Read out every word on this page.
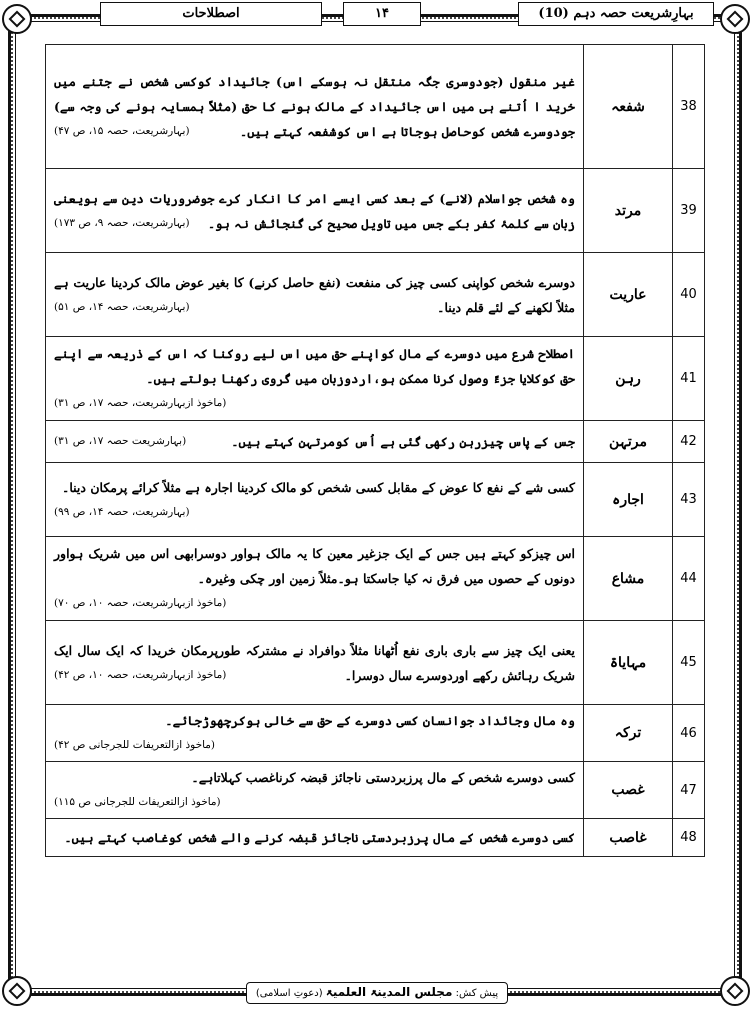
بہارِشریعت حصہ دہم (10)
۱۴
اصطلاحات
38	شفعہ	غیر منقول (جودوسری جگہ منتقل نہ ہوسکے اس) جائیداد کوکسی شخص نے جتنے میں خرید ا اُتنے ہی میں اس جائیداد کے مالک ہونے کا حق (مثلاً ہمسایہ ہونے کی وجہ سے) جودوسرے شخص کوحاصل ہوجاتا ہے اس کوشفعہ کہتے ہیں۔
(بہارشریعت، حصہ ۱۵، ص ۴۷)

39	مرتد	وہ شخص جواسلام (لانے) کے بعد کسی ایسے امر کا انکار کرے جوضروریات دین سے ہویعنی زبان سے کلمۂ کفر بکے جس میں تاویل صحیح کی گنجائش نہ ہو۔
(بہارشریعت، حصہ ۹، ص ۱۷۳)

40	عاریت	دوسرے شخص کواپنی کسی چیز کی منفعت (نفع حاصل کرنے) کا بغیر عوض مالک کردینا عاریت ہے مثلاً لکھنے کے لئے قلم دینا۔
(بہارشریعت، حصہ ۱۴، ص ۵۱)

41	رہن	اصطلاح شرع میں دوسرے کے مال کواپنے حق میں اس لیے روکنا کہ اس کے ذریعہ سے اپنے حق کوکلایا جزءً وصول کرنا ممکن ہو،اردوزبان میں گروی رکھنا بولتے ہیں۔
(ماخوذ ازبہارشریعت، حصہ ۱۷، ص ۳۱)

42	مرتہن	جس کے پاس چیزرہن رکھی گئی ہے اُس کومرتہن کہتے ہیں۔
(بہارشریعت حصہ ۱۷، ص ۳۱)

43	اجارہ	کسی شے کے نفع کا عوض کے مقابل کسی شخص کو مالک کردینا اجارہ ہے مثلاً کرائے پرمکان دینا۔
(بہارشریعت، حصہ ۱۴، ص ۹۹)

44	مشاع	اس چیزکو کہتے ہیں جس کے ایک جزغیر معین کا یہ مالک ہواور دوسرابھی اس میں شریک ہواور دونوں کے حصوں میں فرق نہ کیا جاسکتا ہو۔مثلاً زمین اور چکی وغیرہ۔
(ماخوذ ازبہارشریعت، حصہ ۱۰، ص ۷۰)

45	مہایاۃ	یعنی ایک چیز سے باری باری نفع اُٹھانا مثلاً دوافراد نے مشترکہ طورپرمکان خریدا کہ ایک سال ایک شریک رہائش رکھے اوردوسرے سال دوسرا۔
(ماخوذ ازبہارشریعت، حصہ ۱۰، ص ۴۲)

46	ترکہ	وہ مال وجائداد جوانسان کسی دوسرے کے حق سے خالی ہوکرچھوڑجائے۔
(ماخوذ ازالتعریفات للجرجانی ص ۴۲)

47	غصب	کسی دوسرے شخص کے مال پرزبردستی ناجائز قبضہ کرناغصب کہلاتاہے۔
(ماخوذ ازالتعریفات للجرجانی ص ۱۱۵)

48	غاصب	کسی دوسرے شخص کے مال پرزبردستی ناجائز قبضہ کرنے والے شخص کوغاصب کہتے ہیں۔
پیش کش: مجلس المدینۃ العلمیۃ (دعوتِ اسلامی)
